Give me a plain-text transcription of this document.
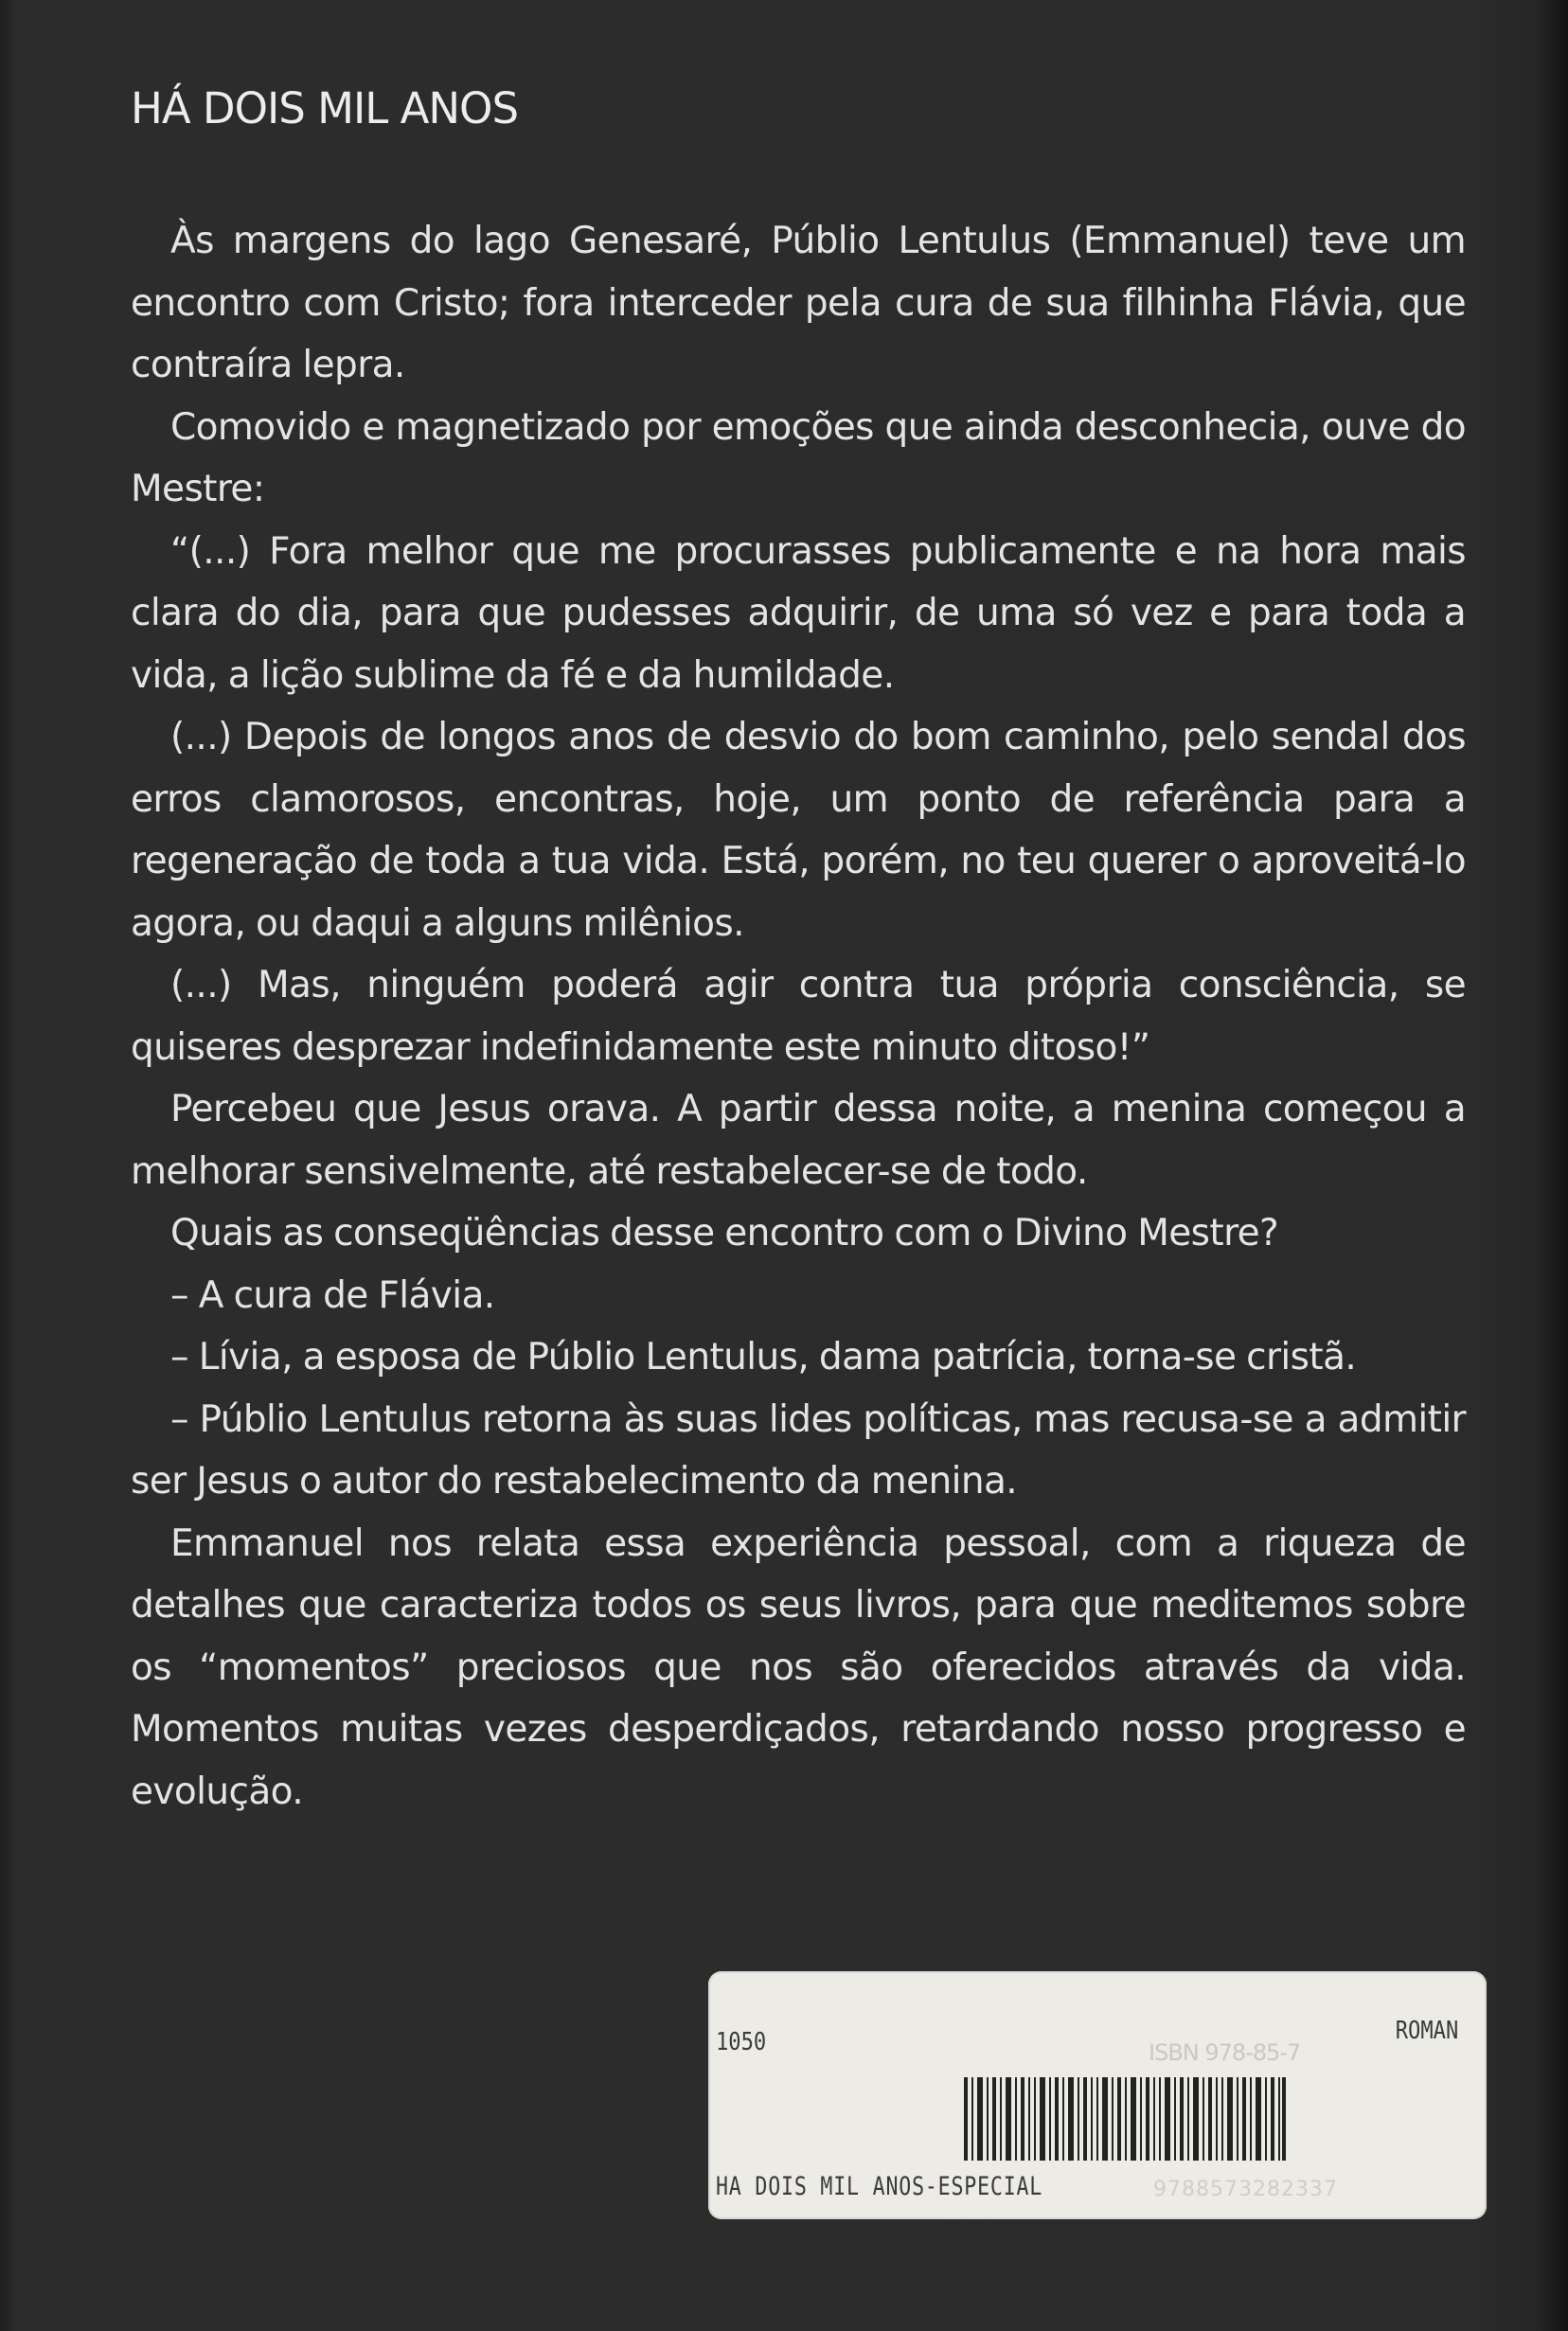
HÁ DOIS MIL ANOS

Às margens do lago Genesaré, Públio Lentulus (Emmanuel) teve um encontro com Cristo; fora interceder pela cura de sua filhinha Flávia, que contraíra lepra.

Comovido e magnetizado por emoções que ainda desconhecia, ouve do Mestre:

“(...) Fora melhor que me procurasses publicamente e na hora mais clara do dia, para que pudesses adquirir, de uma só vez e para toda a vida, a lição sublime da fé e da humildade.

(...) Depois de longos anos de desvio do bom caminho, pelo sendal dos erros clamorosos, encontras, hoje, um ponto de referência para a regeneração de toda a tua vida. Está, porém, no teu querer o aproveitá-lo agora, ou daqui a alguns milênios.

(...) Mas, ninguém poderá agir contra tua própria consciência, se quiseres desprezar indefinidamente este minuto ditoso!”

Percebeu que Jesus orava. A partir dessa noite, a menina começou a melhorar sensivelmente, até restabelecer-se de todo.

Quais as conseqüências desse encontro com o Divino Mestre?

– A cura de Flávia.

– Lívia, a esposa de Públio Lentulus, dama patrícia, torna-se cristã.

– Públio Lentulus retorna às suas lides políticas, mas recusa-se a admitir ser Jesus o autor do restabelecimento da menina.

Emmanuel nos relata essa experiência pessoal, com a riqueza de detalhes que caracteriza todos os seus livros, para que meditemos sobre os “momentos” preciosos que nos são oferecidos através da vida. Momentos muitas vezes desperdiçados, retardando nosso progresso e evolução.

ISBN 978-85-7
9788573282337
1050	ROMAN
HA DOIS MIL ANOS-ESPECIAL
